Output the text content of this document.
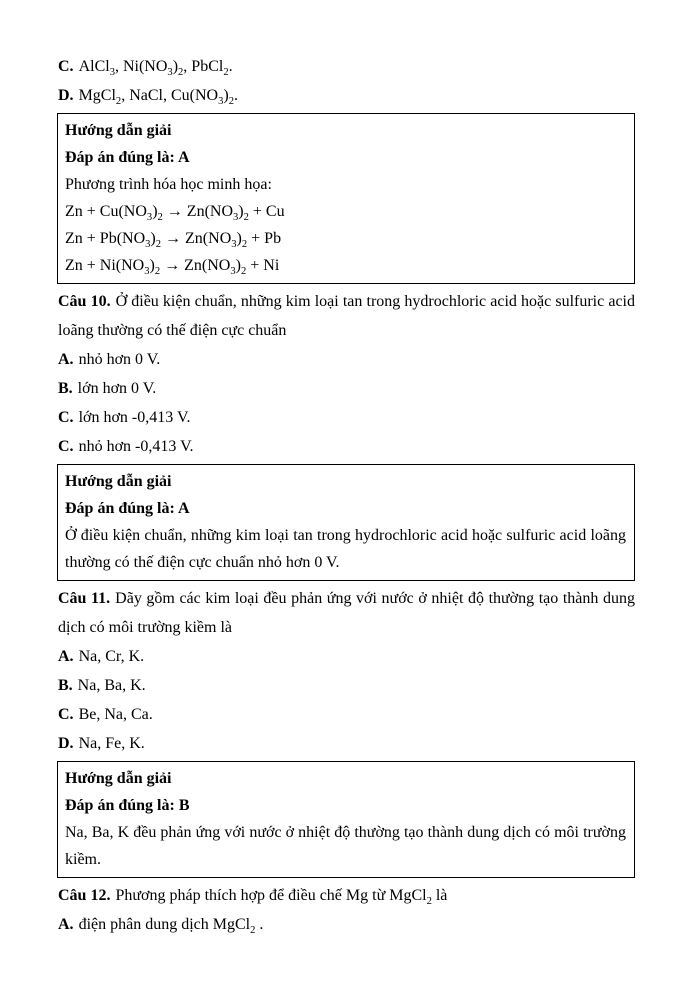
C. AlCl$_3$, $Ni(NO_3)_2$, PbCl$_2$.

D. MgCl$_2$, NaCl, $Cu(NO_3)_2$.

Hướng dẫn giải

Đáp án đúng là: A

Phương trình hóa học minh họa:

$Zn + Cu(NO_3)_2 \to Zn(NO_3)_2 + Cu$

$Zn + Pb(NO_3)_2 \to Zn(NO_3)_2 + Pb$

$Zn + Ni(NO_3)_2 \to Zn(NO_3)_2 + Ni$

Câu 10. Ở điều kiện chuẩn, những kim loại tan trong hydrochloric acid hoặc sulfuric acid loãng thường có thế điện cực chuẩn

A. nhỏ hơn 0 V.

B. lớn hơn 0 V.

C. lớn hơn -0,413 V.

C. nhỏ hơn -0,413 V.

Hướng dẫn giải

Đáp án đúng là: A

Ở điều kiện chuẩn, những kim loại tan trong hydrochloric acid hoặc sulfuric acid loãng thường có thế điện cực chuẩn nhỏ hơn 0 V.

Câu 11. Dãy gồm các kim loại đều phản ứng với nước ở nhiệt độ thường tạo thành dung dịch có môi trường kiềm là

A. Na, Cr, K.

B. Na, Ba, K.

C. Be, Na, Ca.

D. Na, Fe, K.

Hướng dẫn giải

Đáp án đúng là: B

Na, Ba, K đều phản ứng với nước ở nhiệt độ thường tạo thành dung dịch có môi trường kiềm.

Câu 12. Phương pháp thích hợp để điều chế Mg từ MgCl$_2$ là

A. điện phân dung dịch MgCl$_2$ .
